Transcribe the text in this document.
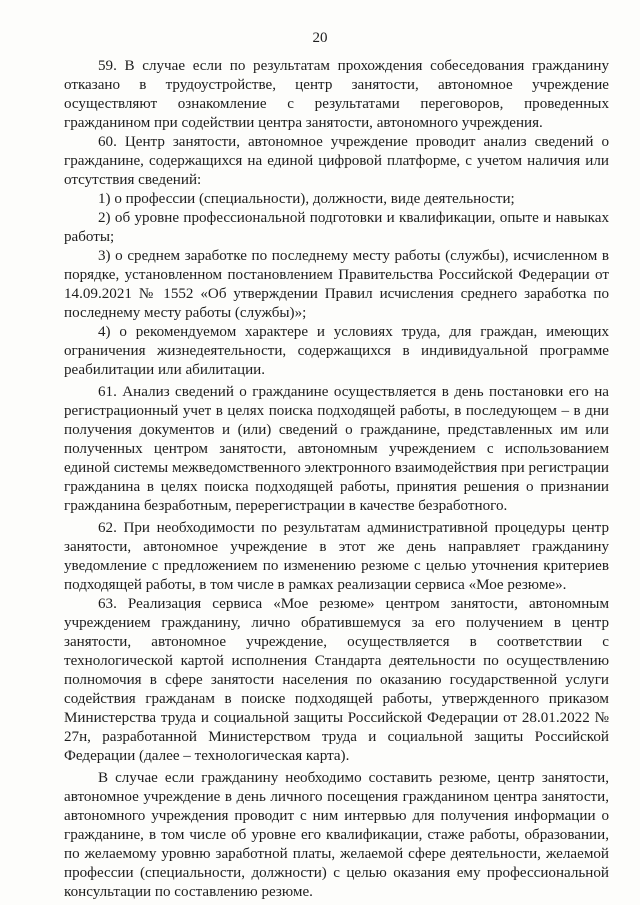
20

59. В случае если по результатам прохождения собеседования гражданину отказано в трудоустройстве, центр занятости, автономное учреждение осуществляют ознакомление с результатами переговоров, проведенных гражданином при содействии центра занятости, автономного учреждения.

60. Центр занятости, автономное учреждение проводит анализ сведений о гражданине, содержащихся на единой цифровой платформе, с учетом наличия или отсутствия сведений:

1) о профессии (специальности), должности, виде деятельности;

2) об уровне профессиональной подготовки и квалификации, опыте и навыках работы;

3) о среднем заработке по последнему месту работы (службы), исчисленном в порядке, установленном постановлением Правительства Российской Федерации от 14.09.2021 № 1552 «Об утверждении Правил исчисления среднего заработка по последнему месту работы (службы)»;

4) о рекомендуемом характере и условиях труда, для граждан, имеющих ограничения жизнедеятельности, содержащихся в индивидуальной программе реабилитации или абилитации.

61. Анализ сведений о гражданине осуществляется в день постановки его на регистрационный учет в целях поиска подходящей работы, в последующем – в дни получения документов и (или) сведений о гражданине, представленных им или полученных центром занятости, автономным учреждением с использованием единой системы межведомственного электронного взаимодействия при регистрации гражданина в целях поиска подходящей работы, принятия решения о признании гражданина безработным, перерегистрации в качестве безработного.

62. При необходимости по результатам административной процедуры центр занятости, автономное учреждение в этот же день направляет гражданину уведомление с предложением по изменению резюме с целью уточнения критериев подходящей работы, в том числе в рамках реализации сервиса «Мое резюме».

63. Реализация сервиса «Мое резюме» центром занятости, автономным учреждением гражданину, лично обратившемуся за его получением в центр занятости, автономное учреждение, осуществляется в соответствии с технологической картой исполнения Стандарта деятельности по осуществлению полномочия в сфере занятости населения по оказанию государственной услуги содействия гражданам в поиске подходящей работы, утвержденного приказом Министерства труда и социальной защиты Российской Федерации от 28.01.2022 № 27н, разработанной Министерством труда и социальной защиты Российской Федерации (далее – технологическая карта).

В случае если гражданину необходимо составить резюме, центр занятости, автономное учреждение в день личного посещения гражданином центра занятости, автономного учреждения проводит с ним интервью для получения информации о гражданине, в том числе об уровне его квалификации, стаже работы, образовании, по желаемому уровню заработной платы, желаемой сфере деятельности, желаемой профессии (специальности, должности) с целью оказания ему профессиональной консультации по составлению резюме.
